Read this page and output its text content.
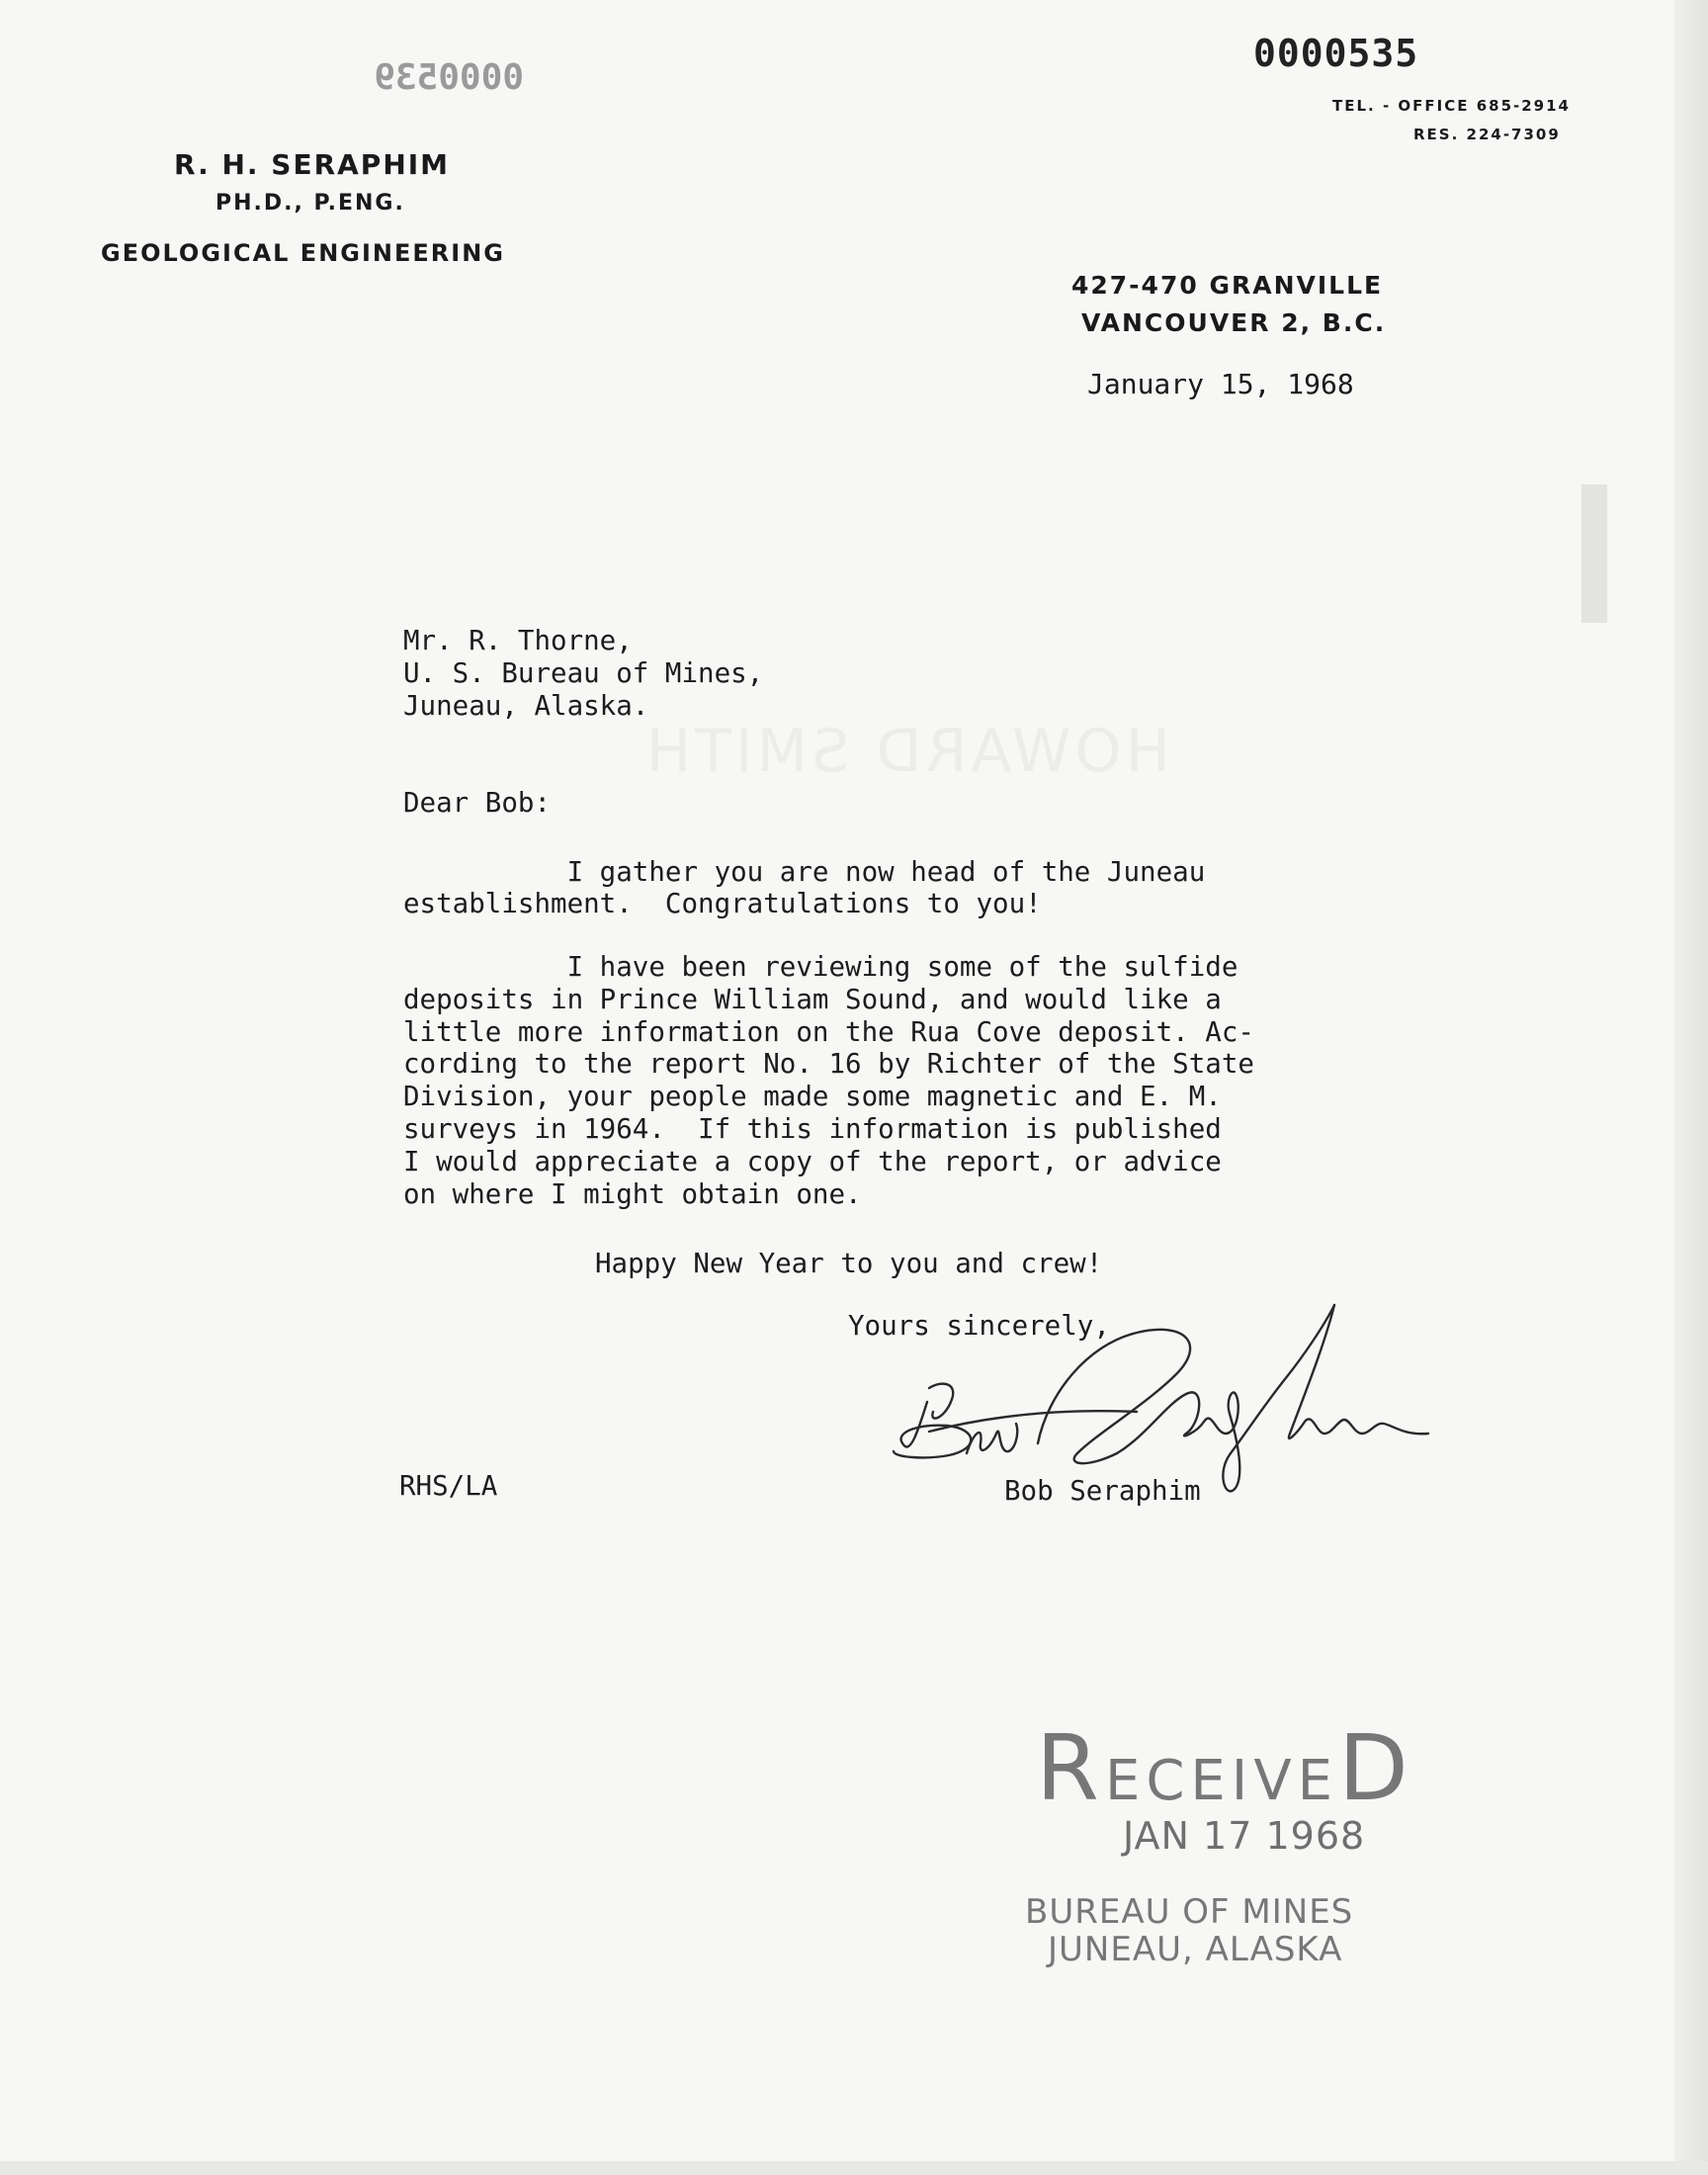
HOWARD SMITH
0000539
0000535
TEL. - OFFICE 685-2914
RES. 224-7309
R. H. SERAPHIM
PH.D., P.ENG.
GEOLOGICAL ENGINEERING
427-470 GRANVILLE
VANCOUVER 2, B.C.
January 15, 1968
Mr. R. Thorne,
U. S. Bureau of Mines,
Juneau, Alaska.
Dear Bob:
I gather you are now head of the Juneau
establishment.  Congratulations to you!
I have been reviewing some of the sulfide
deposits in Prince William Sound, and would like a
little more information on the Rua Cove deposit. Ac-
cording to the report No. 16 by Richter of the State
Division, your people made some magnetic and E. M.
surveys in 1964.  If this information is published
I would appreciate a copy of the report, or advice
on where I might obtain one.
Happy New Year to you and crew!
Yours sincerely,
Bob Seraphim
RHS/LA
RECEIVED
JAN 17 1968
BUREAU OF MINES
JUNEAU, ALASKA
